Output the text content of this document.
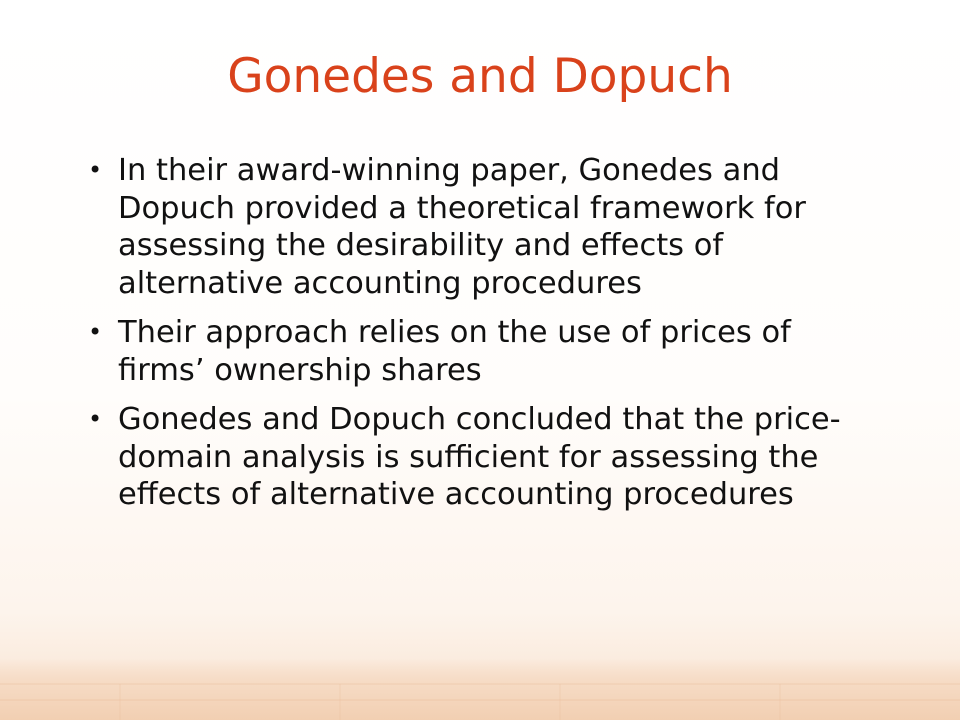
Gonedes and Dopuch
• In their award-winning paper, Gonedes and Dopuch provided a theoretical framework for assessing the desirability and effects of alternative accounting procedures
• Their approach relies on the use of prices of firms’ ownership shares
• Gonedes and Dopuch concluded that the price-domain analysis is sufficient for assessing the effects of alternative accounting procedures
